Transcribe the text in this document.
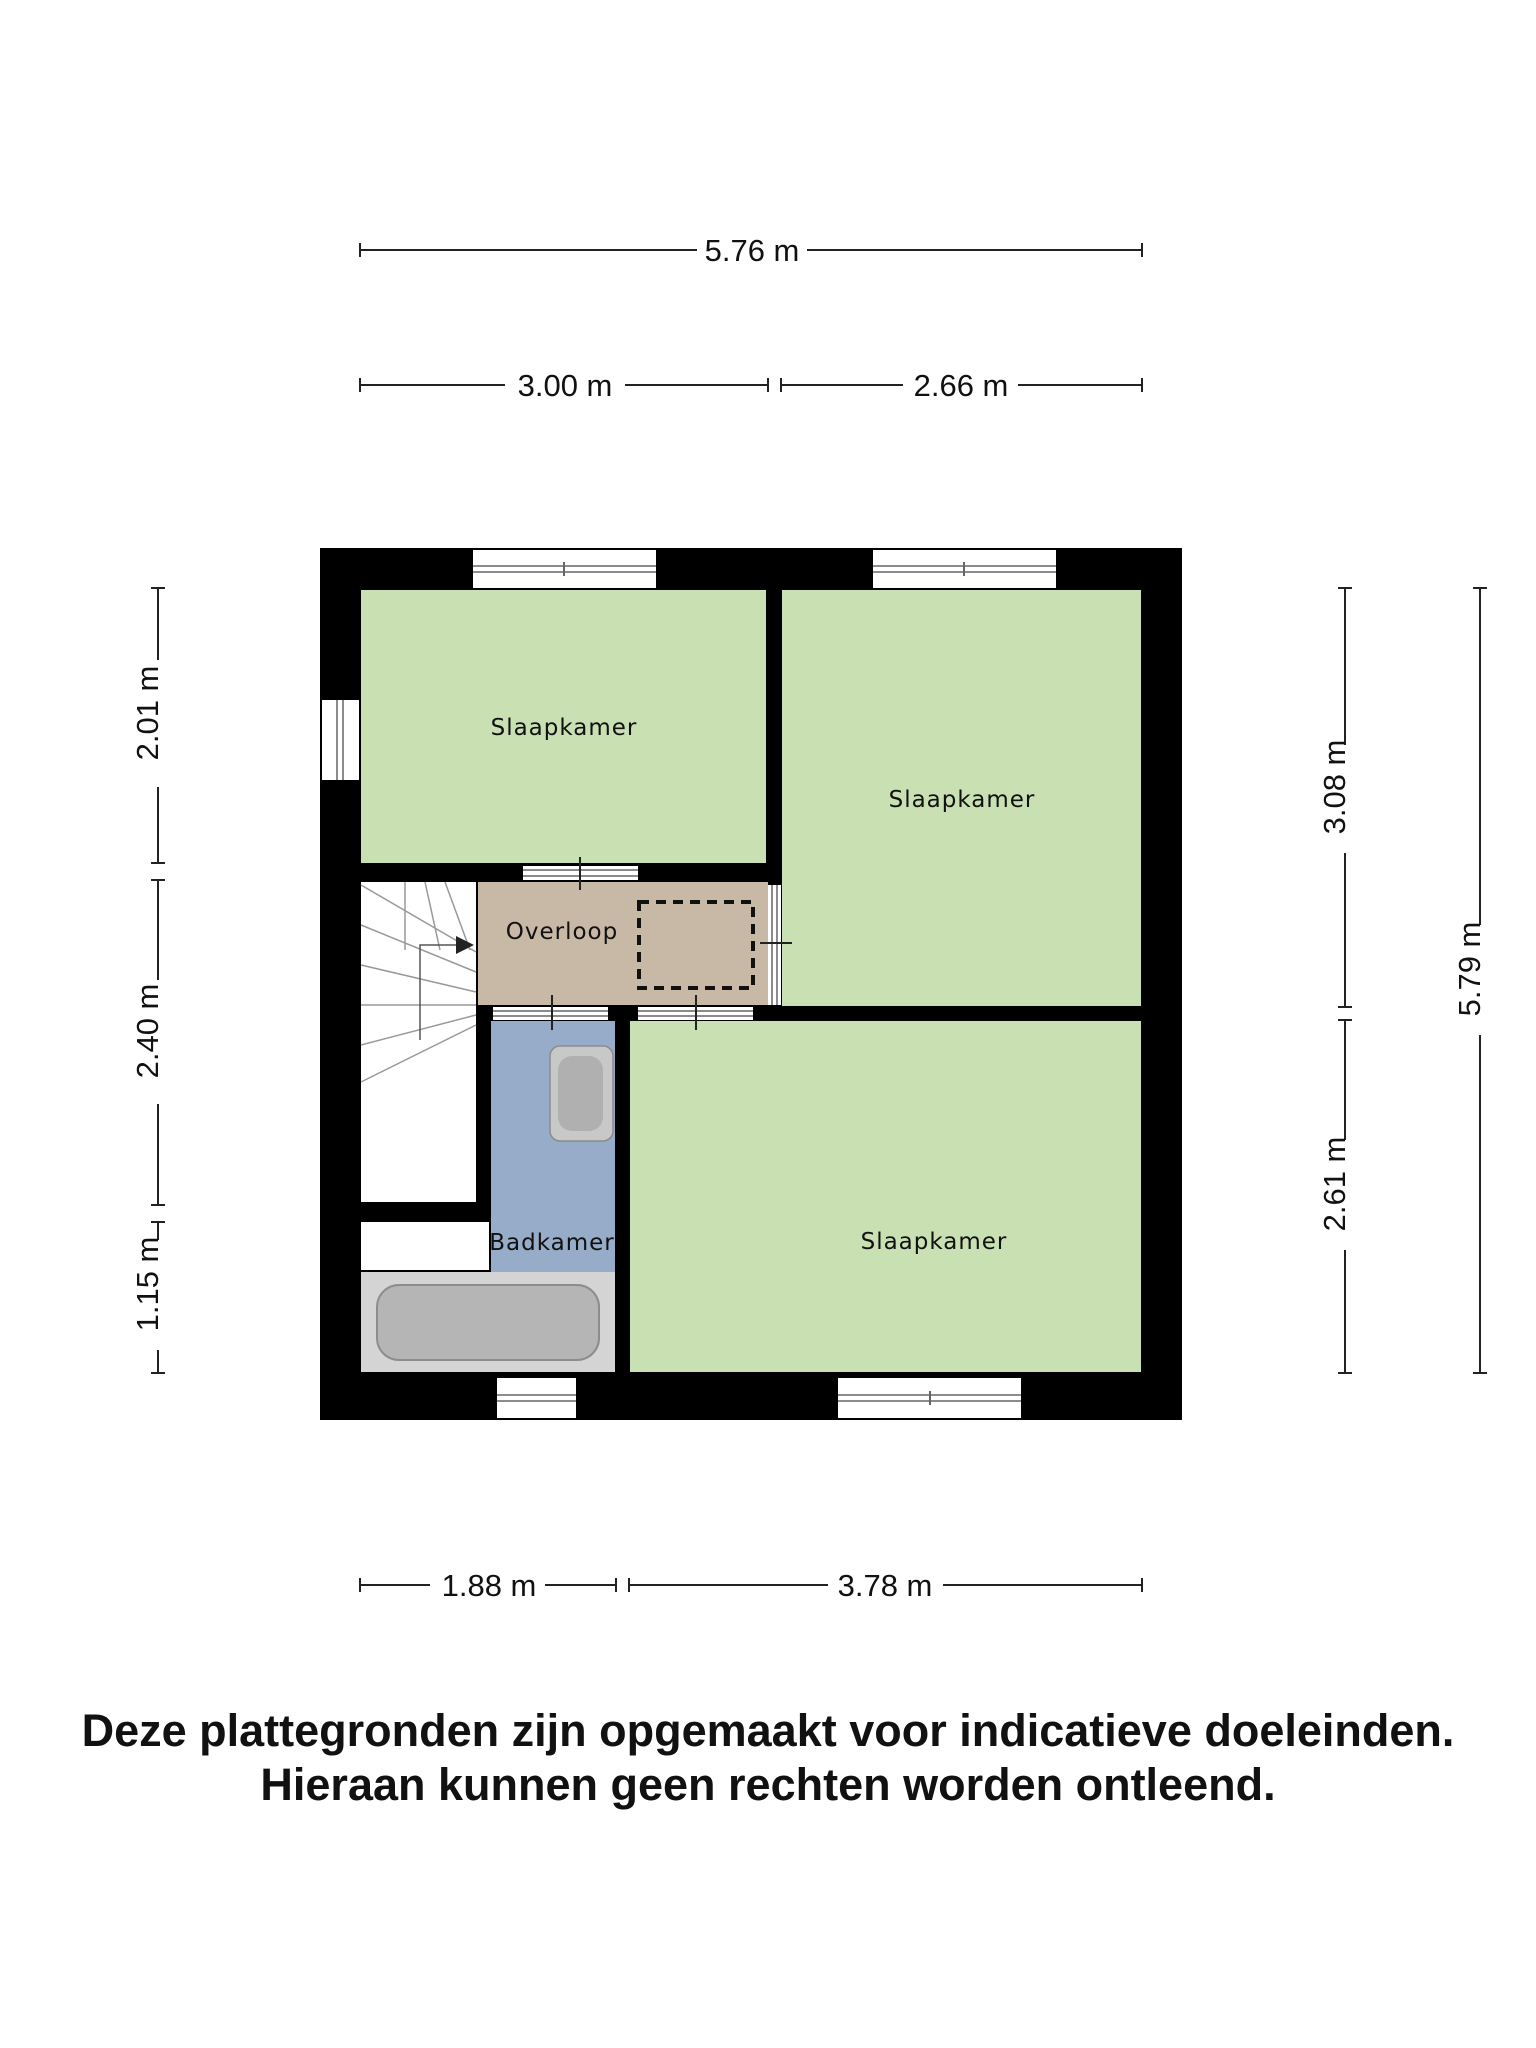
5.76 m
3.00 m	2.66 m
1.88 m	3.78 m
2.01 m
2.40 m
1.15 m
3.08 m
2.61 m
5.79 m
Slaapkamer
Slaapkamer
Slaapkamer
Overloop
Badkamer
Deze plattegronden zijn opgemaakt voor indicatieve doeleinden.
Hieraan kunnen geen rechten worden ontleend.
